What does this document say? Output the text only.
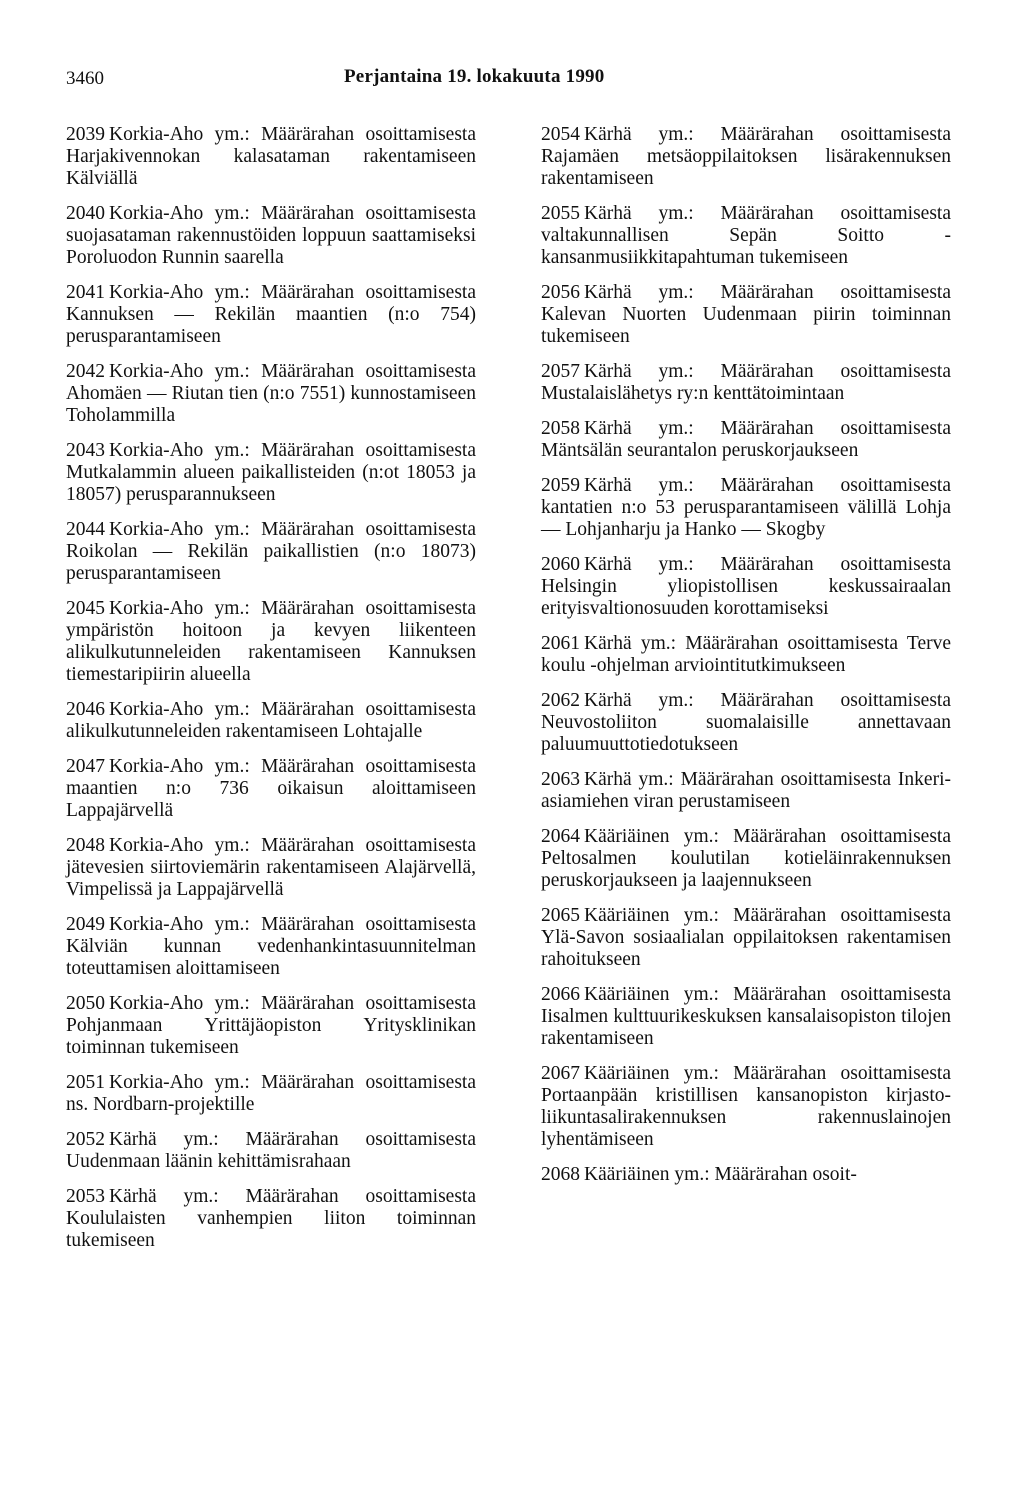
3460	Perjantaina 19. lokakuuta 1990

2039 Korkia-Aho ym.: Määrärahan osoittamisesta Harjakivennokan kalasataman rakentamiseen Kälviällä

2040 Korkia-Aho ym.: Määrärahan osoittamisesta suojasataman rakennustöiden loppuun saattamiseksi Poroluodon Runnin saarella

2041 Korkia-Aho ym.: Määrärahan osoittamisesta Kannuksen — Rekilän maantien (n:o 754) perusparantamiseen

2042 Korkia-Aho ym.: Määrärahan osoittamisesta Ahomäen — Riutan tien (n:o 7551) kunnostamiseen Toholammilla

2043 Korkia-Aho ym.: Määrärahan osoittamisesta Mutkalammin alueen paikallisteiden (n:ot 18053 ja 18057) perusparannukseen

2044 Korkia-Aho ym.: Määrärahan osoittamisesta Roikolan — Rekilän paikallistien (n:o 18073) perusparantamiseen

2045 Korkia-Aho ym.: Määrärahan osoittamisesta ympäristön hoitoon ja kevyen liikenteen alikulkutunneleiden rakentamiseen Kannuksen tiemestaripiirin alueella

2046 Korkia-Aho ym.: Määrärahan osoittamisesta alikulkutunneleiden rakentamiseen Lohtajalle

2047 Korkia-Aho ym.: Määrärahan osoittamisesta maantien n:o 736 oikaisun aloittamiseen Lappajärvellä

2048 Korkia-Aho ym.: Määrärahan osoittamisesta jätevesien siirtoviemärin rakentamiseen Alajärvellä, Vimpelissä ja Lappajärvellä

2049 Korkia-Aho ym.: Määrärahan osoittamisesta Kälviän kunnan vedenhankintasuunnitelman toteuttamisen aloittamiseen

2050 Korkia-Aho ym.: Määrärahan osoittamisesta Pohjanmaan Yrittäjäopiston Yritysklinikan toiminnan tukemiseen

2051 Korkia-Aho ym.: Määrärahan osoittamisesta ns. Nordbarn-projektille

2052 Kärhä ym.: Määrärahan osoittamisesta Uudenmaan läänin kehittämisrahaan

2053 Kärhä ym.: Määrärahan osoittamisesta Koululaisten vanhempien liiton toiminnan tukemiseen

2054 Kärhä ym.: Määrärahan osoittamisesta Rajamäen metsäoppilaitoksen lisärakennuksen rakentamiseen

2055 Kärhä ym.: Määrärahan osoittamisesta valtakunnallisen Sepän Soitto -kansanmusiikkitapahtuman tukemiseen

2056 Kärhä ym.: Määrärahan osoittamisesta Kalevan Nuorten Uudenmaan piirin toiminnan tukemiseen

2057 Kärhä ym.: Määrärahan osoittamisesta Mustalaislähetys ry:n kenttätoimintaan

2058 Kärhä ym.: Määrärahan osoittamisesta Mäntsälän seurantalon peruskorjaukseen

2059 Kärhä ym.: Määrärahan osoittamisesta kantatien n:o 53 perusparantamiseen välillä Lohja — Lohjanharju ja Hanko — Skogby

2060 Kärhä ym.: Määrärahan osoittamisesta Helsingin yliopistollisen keskussairaalan erityisvaltionosuuden korottamiseksi

2061 Kärhä ym.: Määrärahan osoittamisesta Terve koulu -ohjelman arviointitutkimukseen

2062 Kärhä ym.: Määrärahan osoittamisesta Neuvostoliiton suomalaisille annettavaan paluumuuttotiedotukseen

2063 Kärhä ym.: Määrärahan osoittamisesta Inkeri-asiamiehen viran perustamiseen

2064 Kääriäinen ym.: Määrärahan osoittamisesta Peltosalmen koulutilan kotieläinrakennuksen peruskorjaukseen ja laajennukseen

2065 Kääriäinen ym.: Määrärahan osoittamisesta Ylä-Savon sosiaalialan oppilaitoksen rakentamisen rahoitukseen

2066 Kääriäinen ym.: Määrärahan osoittamisesta Iisalmen kulttuurikeskuksen kansalaisopiston tilojen rakentamiseen

2067 Kääriäinen ym.: Määrärahan osoittamisesta Portaanpään kristillisen kansanopiston kirjasto-liikuntasalirakennuksen rakennuslainojen lyhentämiseen

2068 Kääriäinen ym.: Määrärahan osoit-
